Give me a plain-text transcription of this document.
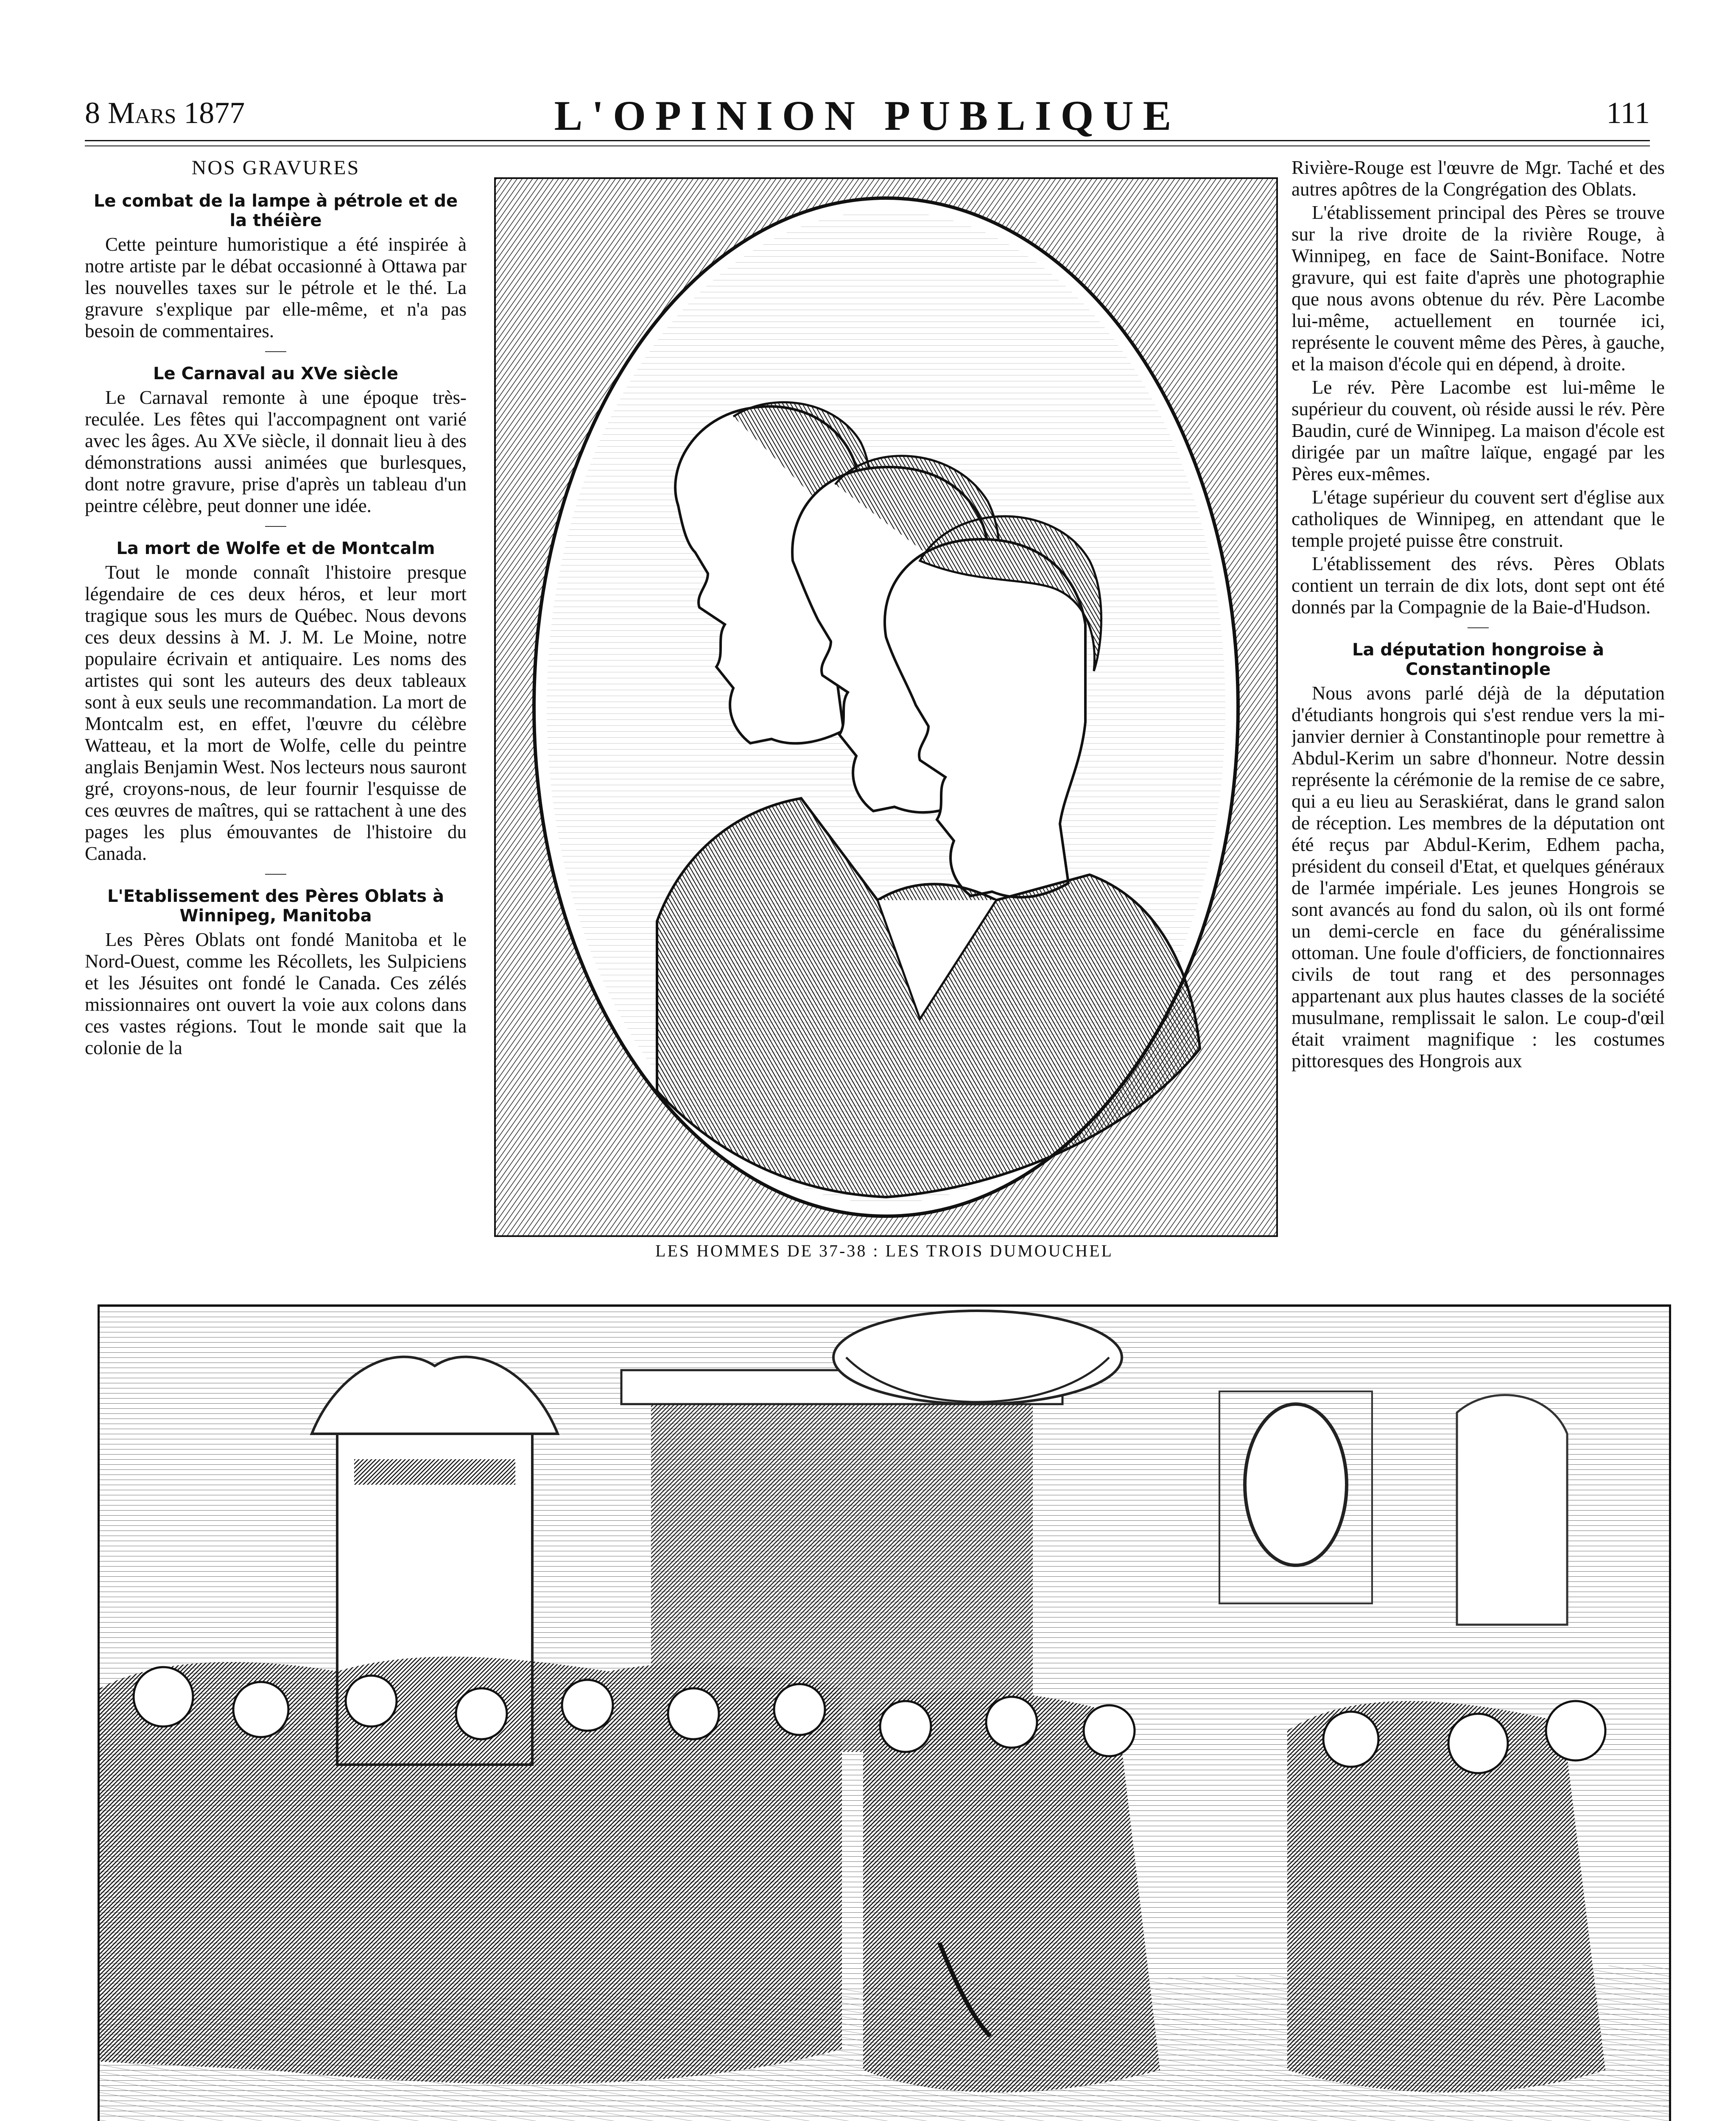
8 Mars 1877	L'OPINION PUBLIQUE	111
NOS GRAVURES
Le combat de la lampe à pétrole et de la théière

Cette peinture humoristique a été inspirée à notre artiste par le débat occasionné à Ottawa par les nouvelles taxes sur le pétrole et le thé. La gravure s'explique par elle-même, et n'a pas besoin de commentaires.

Le Carnaval au XVe siècle

Le Carnaval remonte à une époque très-reculée. Les fêtes qui l'accompagnent ont varié avec les âges. Au XVe siècle, il donnait lieu à des démonstrations aussi animées que burlesques, dont notre gravure, prise d'après un tableau d'un peintre célèbre, peut donner une idée.

La mort de Wolfe et de Montcalm

Tout le monde connaît l'histoire presque légendaire de ces deux héros, et leur mort tragique sous les murs de Québec. Nous devons ces deux dessins à M. J. M. Le Moine, notre populaire écrivain et antiquaire. Les noms des artistes qui sont les auteurs des deux tableaux sont à eux seuls une recommandation. La mort de Montcalm est, en effet, l'œuvre du célèbre Watteau, et la mort de Wolfe, celle du peintre anglais Benjamin West. Nos lecteurs nous sauront gré, croyons-nous, de leur fournir l'esquisse de ces œuvres de maîtres, qui se rattachent à une des pages les plus émouvantes de l'histoire du Canada.

L'Etablissement des Pères Oblats à Winnipeg, Manitoba

Les Pères Oblats ont fondé Manitoba et le Nord-Ouest, comme les Récollets, les Sulpiciens et les Jésuites ont fondé le Canada. Ces zélés missionnaires ont ouvert la voie aux colons dans ces vastes régions. Tout le monde sait que la colonie de la

LES HOMMES DE 37-38 : LES TROIS DUMOUCHEL

Rivière-Rouge est l'œuvre de Mgr. Taché et des autres apôtres de la Congrégation des Oblats.

L'établissement principal des Pères se trouve sur la rive droite de la rivière Rouge, à Winnipeg, en face de Saint-Boniface. Notre gravure, qui est faite d'après une photographie que nous avons obtenue du rév. Père Lacombe lui-même, actuellement en tournée ici, représente le couvent même des Pères, à gauche, et la maison d'école qui en dépend, à droite.

Le rév. Père Lacombe est lui-même le supérieur du couvent, où réside aussi le rév. Père Baudin, curé de Winnipeg. La maison d'école est dirigée par un maître laïque, engagé par les Pères eux-mêmes.

L'étage supérieur du couvent sert d'église aux catholiques de Winnipeg, en attendant que le temple projeté puisse être construit.

L'établissement des révs. Pères Oblats contient un terrain de dix lots, dont sept ont été donnés par la Compagnie de la Baie-d'Hudson.

La députation hongroise à Constantinople

Nous avons parlé déjà de la députation d'étudiants hongrois qui s'est rendue vers la mi-janvier dernier à Constantinople pour remettre à Abdul-Kerim un sabre d'honneur. Notre dessin représente la cérémonie de la remise de ce sabre, qui a eu lieu au Seraskiérat, dans le grand salon de réception. Les membres de la députation ont été reçus par Abdul-Kerim, Edhem pacha, président du conseil d'Etat, et quelques généraux de l'armée impériale. Les jeunes Hongrois se sont avancés au fond du salon, où ils ont formé un demi-cercle en face du généralissime ottoman. Une foule d'officiers, de fonctionnaires civils de tout rang et des personnages appartenant aux plus hautes classes de la société musulmane, remplissait le salon. Le coup-d'œil était vraiment magnifique : les costumes pittoresques des Hongrois aux
